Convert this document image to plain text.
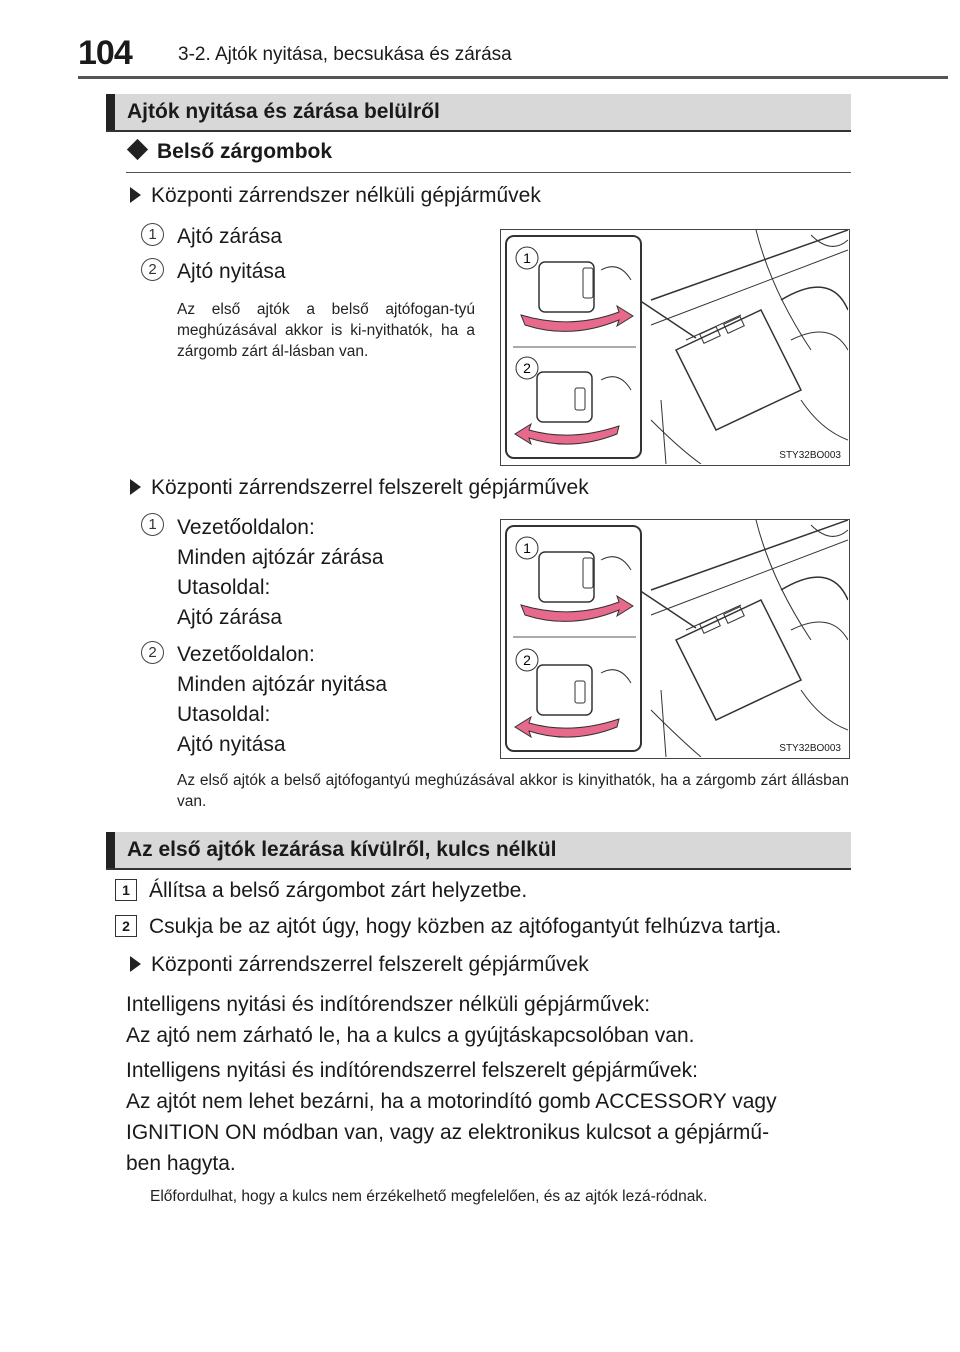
104 3-2. Ajtók nyitása, becsukása és zárása
Ajtók nyitása és zárása belülről
Belső zárgombok
Központi zárrendszer nélküli gépjárművek
1 Ajtó zárása
2 Ajtó nyitása
Az első ajtók a belső ajtófogan-tyú meghúzásával akkor is ki-nyithatók, ha a zárgomb zárt ál-lásban van.
1
2
STY32BO003
Központi zárrendszerrel felszerelt gépjárművek
1 Vezetőoldalon:
Minden ajtózár zárása
Utasoldal:
Ajtó zárása
2 Vezetőoldalon:
Minden ajtózár nyitása
Utasoldal:
Ajtó nyitása
1
2
STY32BO003
Az első ajtók a belső ajtófogantyú meghúzásával akkor is kinyithatók, ha a zárgomb zárt állásban van.
Az első ajtók lezárása kívülről, kulcs nélkül
1 Állítsa a belső zárgombot zárt helyzetbe.
2 Csukja be az ajtót úgy, hogy közben az ajtófogantyút felhúzva tartja.
Központi zárrendszerrel felszerelt gépjárművek
Intelligens nyitási és indítórendszer nélküli gépjárművek:
Az ajtó nem zárható le, ha a kulcs a gyújtáskapcsolóban van.
Intelligens nyitási és indítórendszerrel felszerelt gépjárművek:
Az ajtót nem lehet bezárni, ha a motorindító gomb ACCESSORY vagy
IGNITION ON módban van, vagy az elektronikus kulcsot a gépjármű-
ben hagyta.
Előfordulhat, hogy a kulcs nem érzékelhető megfelelően, és az ajtók lezá-ródnak.
